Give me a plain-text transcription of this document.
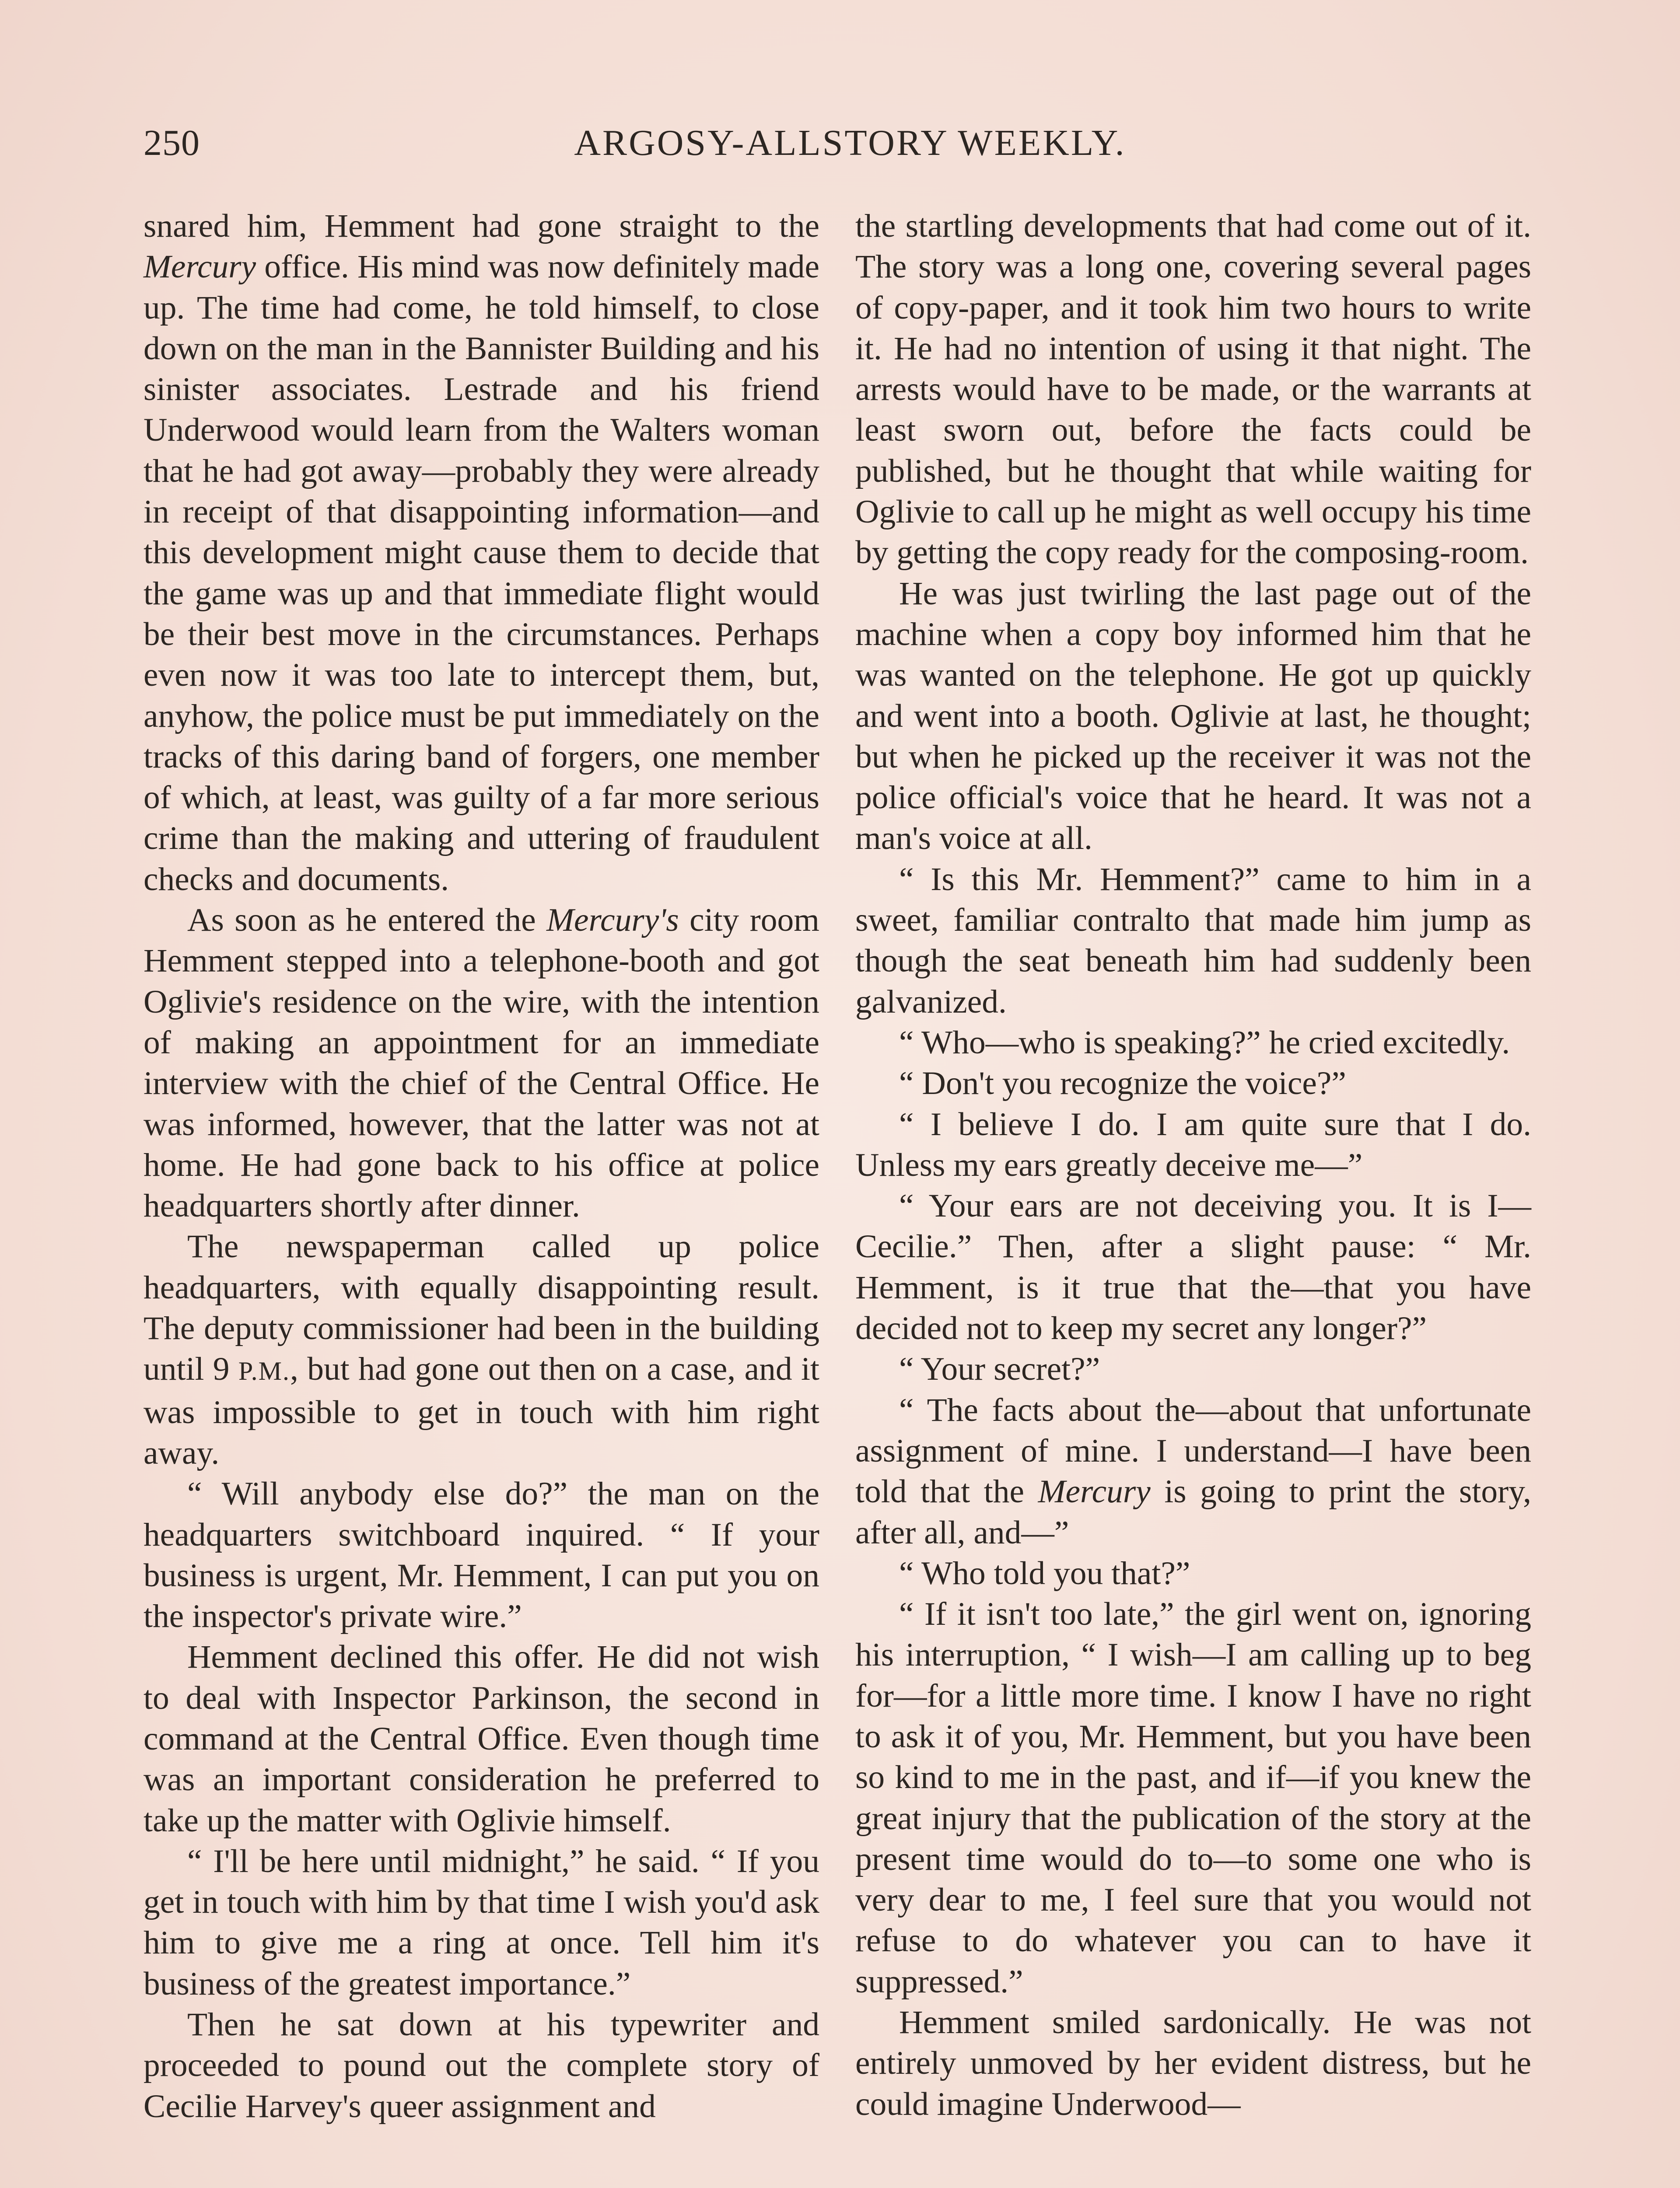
250	ARGOSY-ALLSTORY WEEKLY.

snared him, Hemment had gone straight to the Mercury office. His mind was now definitely made up. The time had come, he told himself, to close down on the man in the Bannister Building and his sinister associates. Lestrade and his friend Underwood would learn from the Walters woman that he had got away—probably they were already in receipt of that disappointing information—and this development might cause them to decide that the game was up and that immediate flight would be their best move in the circumstances. Perhaps even now it was too late to intercept them, but, anyhow, the police must be put immediately on the tracks of this daring band of forgers, one member of which, at least, was guilty of a far more serious crime than the making and uttering of fraudulent checks and documents.

As soon as he entered the Mercury's city room Hemment stepped into a telephone-booth and got Oglivie's residence on the wire, with the intention of making an appointment for an immediate interview with the chief of the Central Office. He was informed, however, that the latter was not at home. He had gone back to his office at police headquarters shortly after dinner.

The newspaperman called up police headquarters, with equally disappointing result. The deputy commissioner had been in the building until 9 P.M., but had gone out then on a case, and it was impossible to get in touch with him right away.

“ Will anybody else do?” the man on the headquarters switchboard inquired. “ If your business is urgent, Mr. Hemment, I can put you on the inspector's private wire.”

Hemment declined this offer. He did not wish to deal with Inspector Parkinson, the second in command at the Central Office. Even though time was an important consideration he preferred to take up the matter with Oglivie himself.

“ I'll be here until midnight,” he said. “ If you get in touch with him by that time I wish you'd ask him to give me a ring at once. Tell him it's business of the greatest importance.”

Then he sat down at his typewriter and proceeded to pound out the complete story of Cecilie Harvey's queer assignment and

the startling developments that had come out of it. The story was a long one, covering several pages of copy-paper, and it took him two hours to write it. He had no intention of using it that night. The arrests would have to be made, or the warrants at least sworn out, before the facts could be published, but he thought that while waiting for Oglivie to call up he might as well occupy his time by getting the copy ready for the composing-room.

He was just twirling the last page out of the machine when a copy boy informed him that he was wanted on the telephone. He got up quickly and went into a booth. Oglivie at last, he thought; but when he picked up the receiver it was not the police official's voice that he heard. It was not a man's voice at all.

“ Is this Mr. Hemment?” came to him in a sweet, familiar contralto that made him jump as though the seat beneath him had suddenly been galvanized.

“ Who—who is speaking?” he cried excitedly.

“ Don't you recognize the voice?”

“ I believe I do. I am quite sure that I do. Unless my ears greatly deceive me—”

“ Your ears are not deceiving you. It is I—Cecilie.” Then, after a slight pause: “ Mr. Hemment, is it true that the—that you have decided not to keep my secret any longer?”

“ Your secret?”

“ The facts about the—about that unfortunate assignment of mine. I understand—I have been told that the Mercury is going to print the story, after all, and—”

“ Who told you that?”

“ If it isn't too late,” the girl went on, ignoring his interruption, “ I wish—I am calling up to beg for—for a little more time. I know I have no right to ask it of you, Mr. Hemment, but you have been so kind to me in the past, and if—if you knew the great injury that the publication of the story at the present time would do to—to some one who is very dear to me, I feel sure that you would not refuse to do whatever you can to have it suppressed.”

Hemment smiled sardonically. He was not entirely unmoved by her evident distress, but he could imagine Underwood—
